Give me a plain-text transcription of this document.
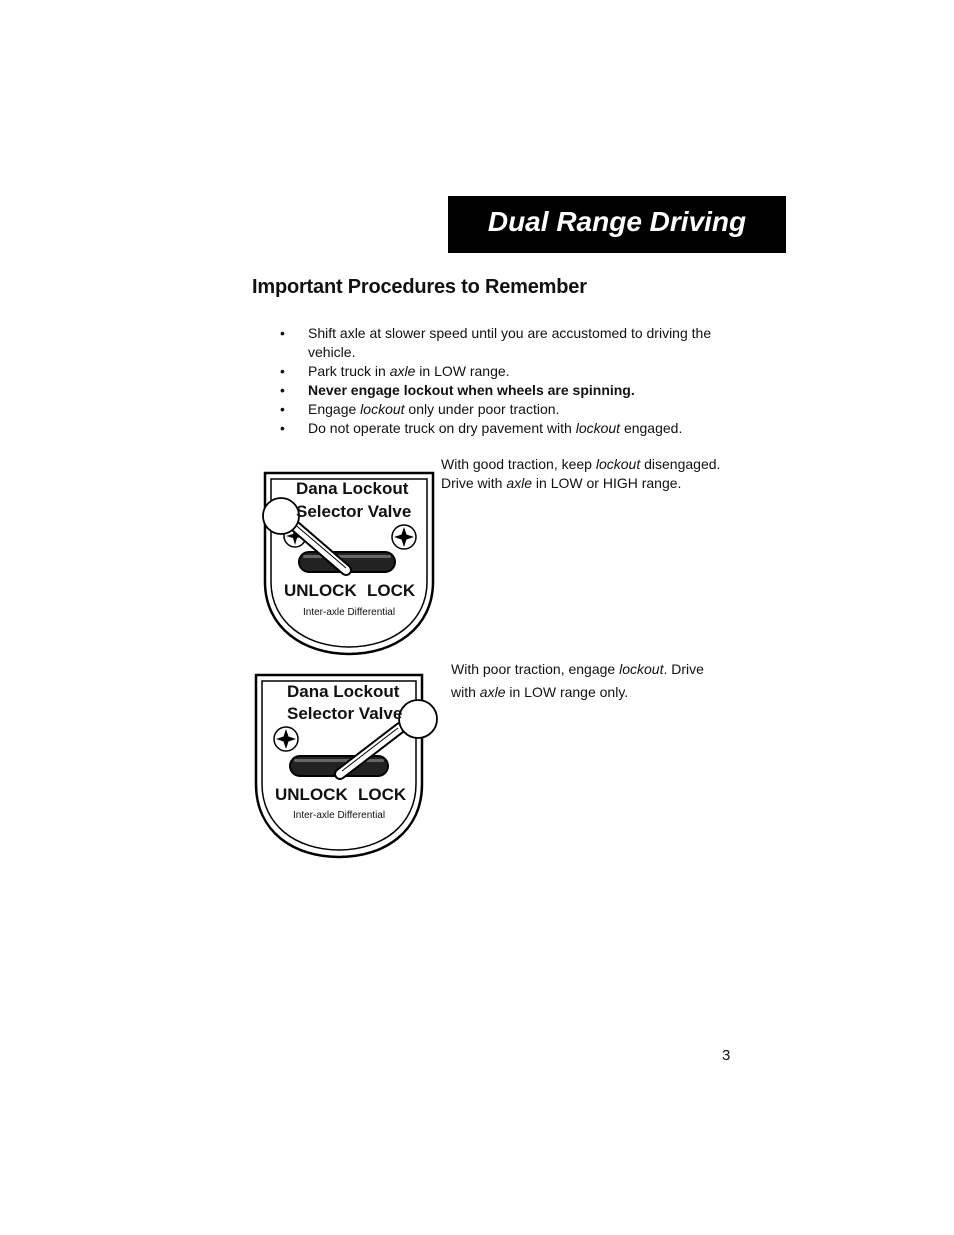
Dual Range Driving
Important Procedures to Remember
• Shift axle at slower speed until you are accustomed to driving the vehicle.
• Park truck in axle in LOW range.
• Never engage lockout when wheels are spinning.
• Engage lockout only under poor traction.
• Do not operate truck on dry pavement with lockout engaged.
With good traction, keep lockout disengaged. Drive with axle in LOW or HIGH range.
Dana Lockout
Selector Valve
UNLOCK LOCK
Inter-axle Differential
With poor traction, engage lockout. Drive with axle in LOW range only.
Dana Lockout
Selector Valve
UNLOCK LOCK
Inter-axle Differential
3
